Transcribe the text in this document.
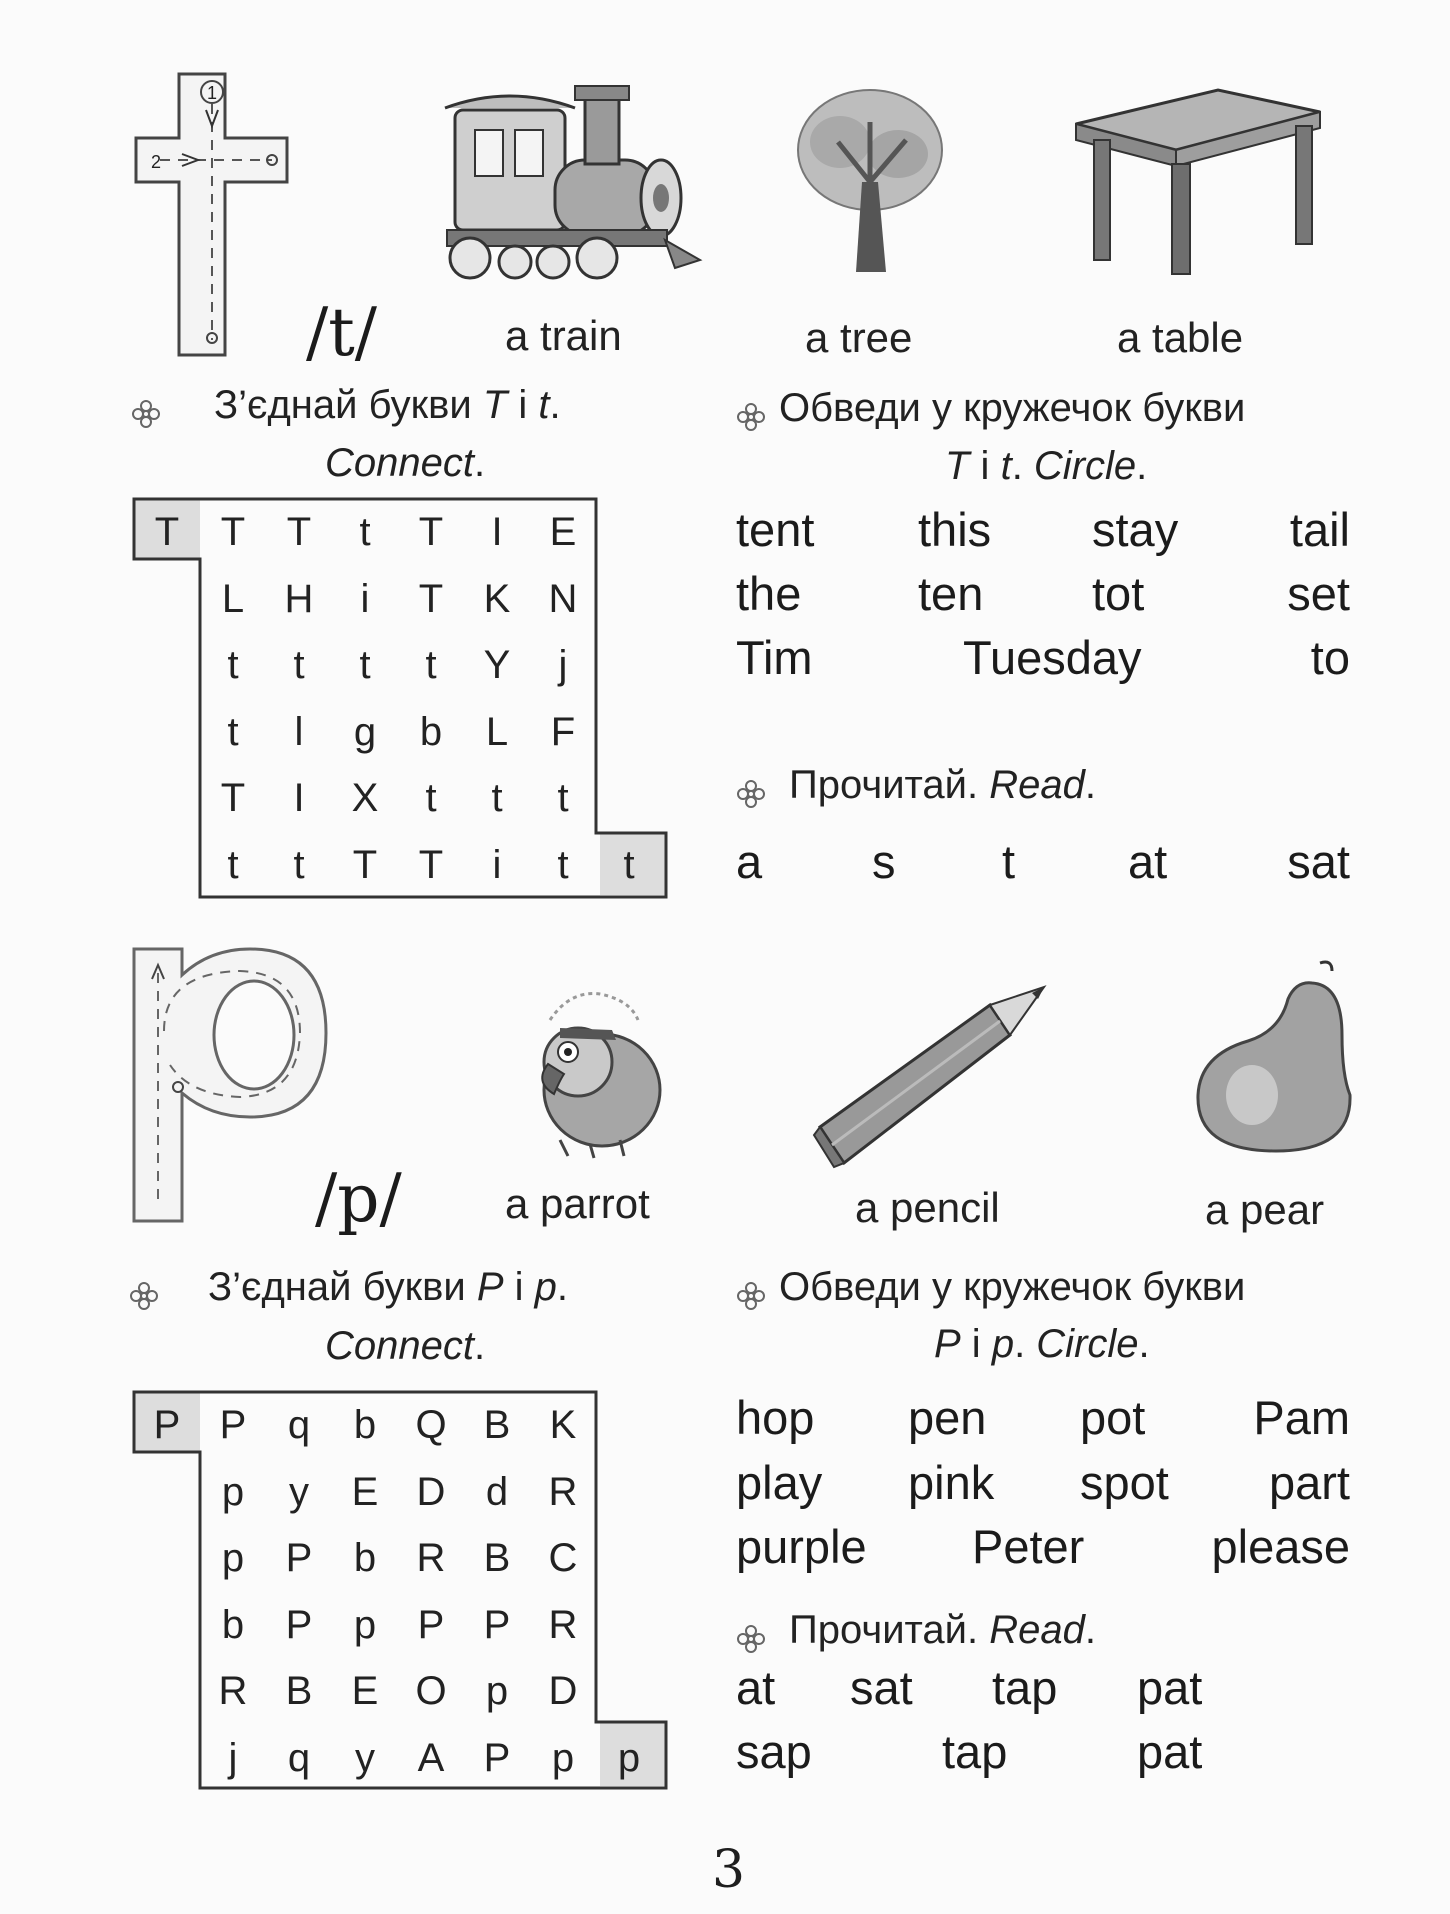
1
2
/t/	a train	a tree	a table
З’єднай букви T і t.
Connect.
Обведи у кружечок букви
T і t. Circle.
T	T	T	t	T	I	E
L	H	i	T	K N
t	t	t	t	Y	j
t	l	g	b	L	F
T	I	X	t	t	t
t	t	T	T	i	t	t
tent this stay tail
the ten tot	set
Tim	Tuesday	to
Прочитай. Read.
a s t at	sat
/p/ a parrot	a pencil	a pear
З’єднай букви P і p.
Connect.
Обведи у кружечок букви
P і p. Circle.
P P	q	b Q B K
p	y	E D	d	R
p	P	b	R B C
b	P	p	P P R
R B E O p	D
j	q	y	A P	p	p
hop pen pot Pam
play pink spot part
purple Peter	please
Прочитай. Read.
at sat tap pat
sap	tap	pat
3
